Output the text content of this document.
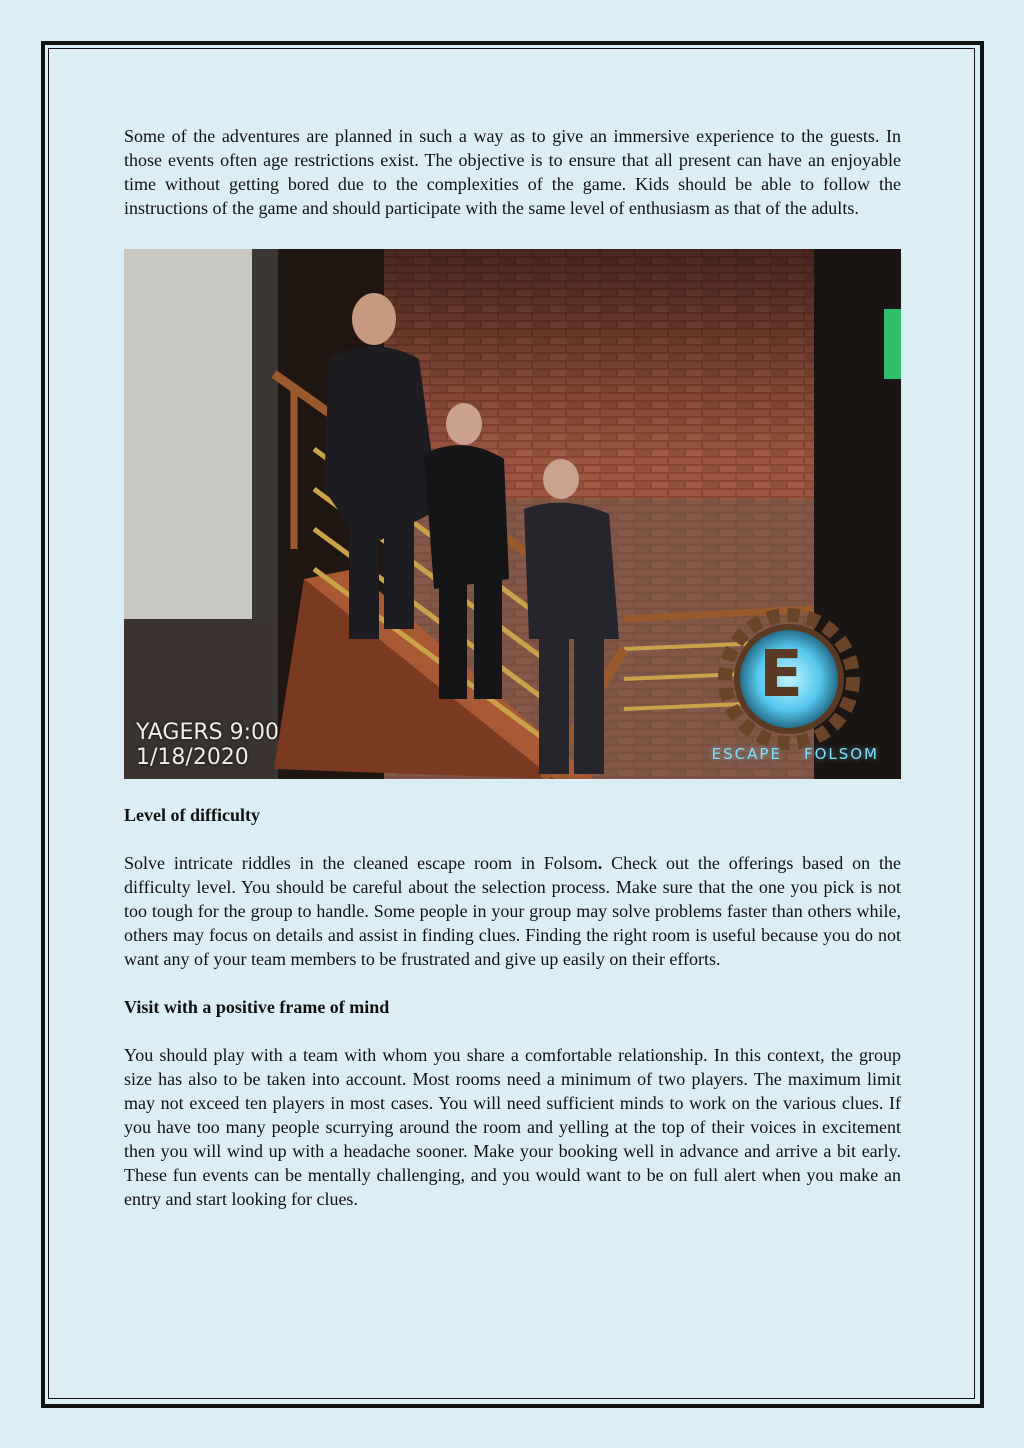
Some of the adventures are planned in such a way as to give an immersive experience to the guests. In those events often age restrictions exist. The objective is to ensure that all present can have an enjoyable time without getting bored due to the complexities of the game. Kids should be able to follow the instructions of the game and should participate with the same level of enthusiasm as that of the adults.

E
ESCAPE FOLSOM
YAGERS 9:00
1/18/2020
Level of difficulty

Solve intricate riddles in the cleaned escape room in Folsom. Check out the offerings based on the difficulty level. You should be careful about the selection process. Make sure that the one you pick is not too tough for the group to handle. Some people in your group may solve problems faster than others while, others may focus on details and assist in finding clues. Finding the right room is useful because you do not want any of your team members to be frustrated and give up easily on their efforts.

Visit with a positive frame of mind

You should play with a team with whom you share a comfortable relationship. In this context, the group size has also to be taken into account. Most rooms need a minimum of two players. The maximum limit may not exceed ten players in most cases. You will need sufficient minds to work on the various clues. If you have too many people scurrying around the room and yelling at the top of their voices in excitement then you will wind up with a headache sooner. Make your booking well in advance and arrive a bit early. These fun events can be mentally challenging, and you would want to be on full alert when you make an entry and start looking for clues.
